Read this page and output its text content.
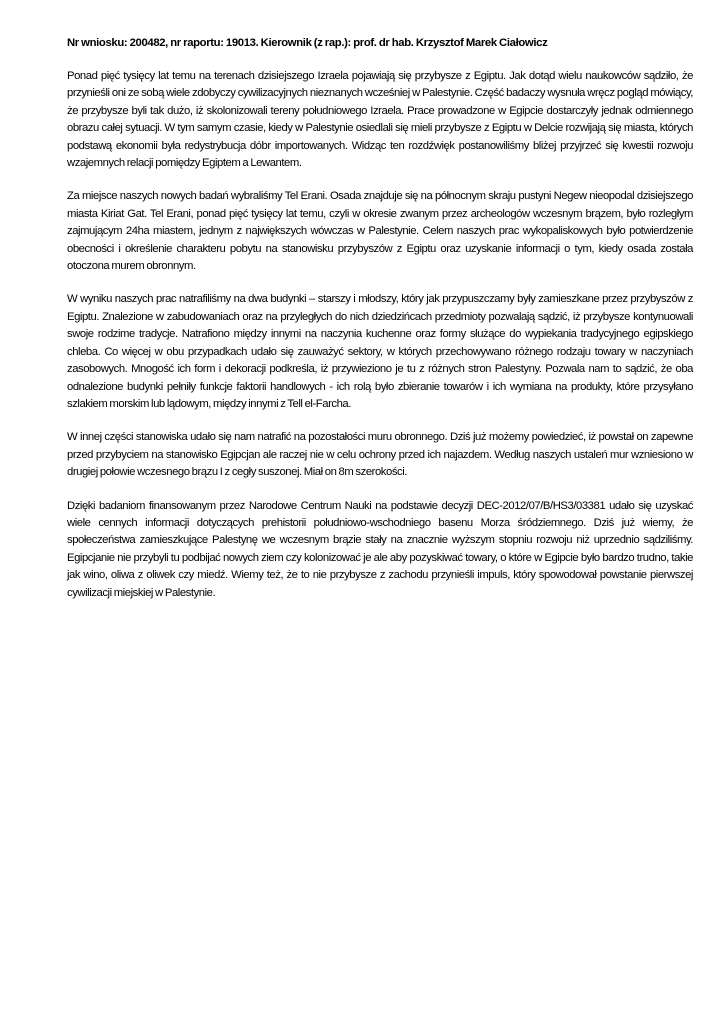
Nr wniosku: 200482, nr raportu: 19013. Kierownik (z rap.): prof. dr hab. Krzysztof Marek Ciałowicz

Ponad pięć tysięcy lat temu na terenach dzisiejszego Izraela pojawiają się przybysze z Egiptu. Jak dotąd wielu naukowców sądziło, że przynieśli oni ze sobą wiele zdobyczy cywilizacyjnych nieznanych wcześniej w Palestynie. Część badaczy wysnuła wręcz pogląd mówiący, że przybysze byli tak dużo, iż skolonizowali tereny południowego Izraela. Prace prowadzone w Egipcie dostarczyły jednak odmiennego obrazu całej sytuacji. W tym samym czasie, kiedy w Palestynie osiedlali się mieli przybysze z Egiptu w Delcie rozwijają się miasta, których podstawą ekonomii była redystrybucja dóbr importowanych. Widząc ten rozdźwięk postanowiliśmy bliżej przyjrzeć się kwestii rozwoju wzajemnych relacji pomiędzy Egiptem a Lewantem.

Za miejsce naszych nowych badań wybraliśmy Tel Erani. Osada znajduje się na północnym skraju pustyni Negew nieopodal dzisiejszego miasta Kiriat Gat. Tel Erani, ponad pięć tysięcy lat temu, czyli w okresie zwanym przez archeologów wczesnym brązem, było rozległym zajmującym 24ha miastem, jednym z największych wówczas w Palestynie. Celem naszych prac wykopaliskowych było potwierdzenie obecności i określenie charakteru pobytu na stanowisku przybyszów z Egiptu oraz uzyskanie informacji o tym, kiedy osada została otoczona murem obronnym.

W wyniku naszych prac natrafiliśmy na dwa budynki – starszy i młodszy, który jak przypuszczamy były zamieszkane przez przybyszów z Egiptu. Znalezione w zabudowaniach oraz na przyległych do nich dziedzińcach przedmioty pozwalają sądzić, iż przybysze kontynuowali swoje rodzime tradycje. Natrafiono między innymi na naczynia kuchenne oraz formy służące do wypiekania tradycyjnego egipskiego chleba. Co więcej w obu przypadkach udało się zauważyć sektory, w których przechowywano różnego rodzaju towary w naczyniach zasobowych. Mnogość ich form i dekoracji podkreśla, iż przywieziono je tu z różnych stron Palestyny. Pozwala nam to sądzić, że oba odnalezione budynki pełniły funkcje faktorii handlowych - ich rolą było zbieranie towarów i ich wymiana na produkty, które przysyłano szlakiem morskim lub lądowym, między innymi z Tell el-Farcha.

W innej części stanowiska udało się nam natrafić na pozostałości muru obronnego. Dziś już możemy powiedzieć, iż powstał on zapewne przed przybyciem na stanowisko Egipcjan ale raczej nie w celu ochrony przed ich najazdem. Według naszych ustaleń mur wzniesiono w drugiej połowie wczesnego brązu I z cegły suszonej. Miał on 8m szerokości.

Dzięki badaniom finansowanym przez Narodowe Centrum Nauki na podstawie decyzji DEC-2012/07/B/HS3/03381 udało się uzyskać wiele cennych informacji dotyczących prehistorii południowo-wschodniego basenu Morza śródziemnego. Dziś już wiemy, że społeczeństwa zamieszkujące Palestynę we wczesnym brązie stały na znacznie wyższym stopniu rozwoju niż uprzednio sądziliśmy. Egipcjanie nie przybyli tu podbijać nowych ziem czy kolonizować je ale aby pozyskiwać towary, o które w Egipcie było bardzo trudno, takie jak wino, oliwa z oliwek czy miedź. Wiemy też, że to nie przybysze z zachodu przynieśli impuls, który spowodował powstanie pierwszej cywilizacji miejskiej w Palestynie.
